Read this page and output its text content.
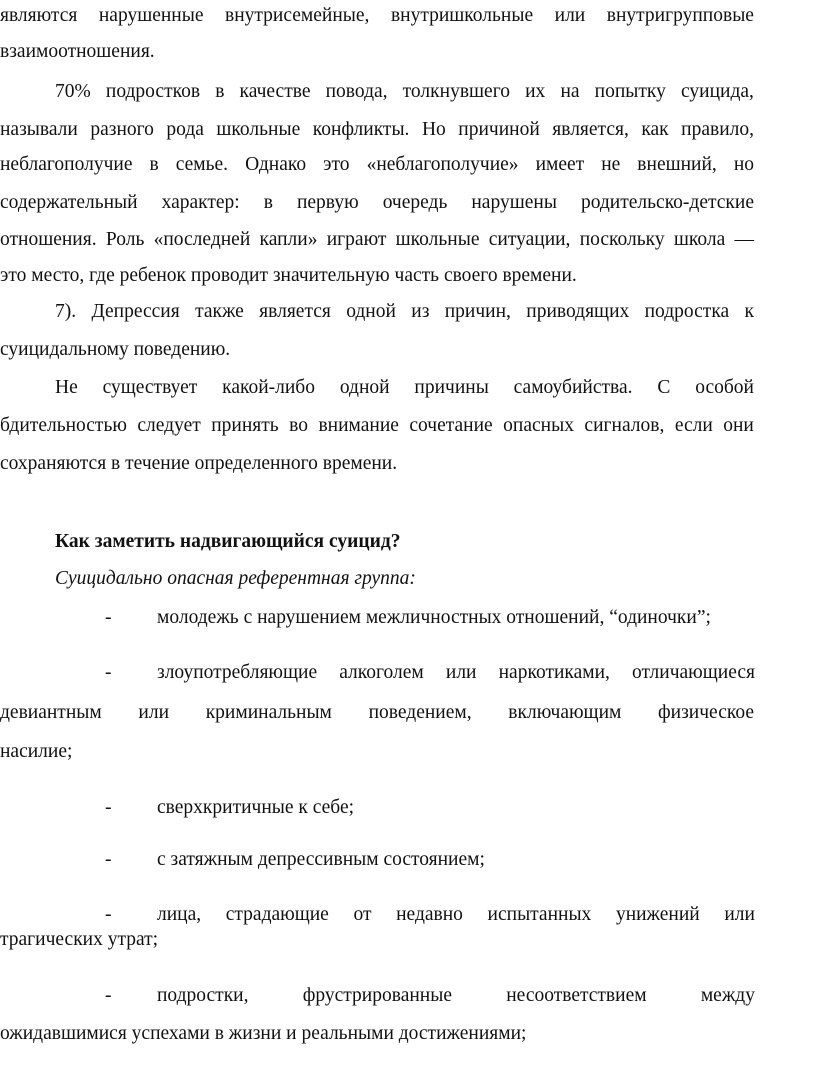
являются нарушенные внутрисемейные, внутришкольные или внутригрупповые
взаимоотношения.
70% подростков в качестве повода, толкнувшего их на попытку суицида,
называли разного рода школьные конфликты. Но причиной является, как правило,
неблагополучие в семье. Однако это «неблагополучие» имеет не внешний, но
содержательный характер: в первую очередь нарушены родительско-детские
отношения. Роль «последней капли» играют школьные ситуации, поскольку школа —
это место, где ребенок проводит значительную часть своего времени.
7). Депрессия также является одной из причин, приводящих подростка к
суицидальному поведению.
Не существует какой-либо одной причины самоубийства. С особой
бдительностью следует принять во внимание сочетание опасных сигналов, если они
сохраняются в течение определенного времени.
Как заметить надвигающийся суицид?
Суицидально опасная референтная группа:
- молодежь с нарушением межличностных отношений, “одиночки”;
- злоупотребляющие алкоголем или наркотиками, отличающиеся
девиантным или криминальным поведением, включающим физическое
насилие;
- сверхкритичные к себе;
- с затяжным депрессивным состоянием;
- лица, страдающие от недавно испытанных унижений или
трагических утрат;
- подростки,	фрустрированные	несоответствием	между
ожидавшимися успехами в жизни и реальными достижениями;
